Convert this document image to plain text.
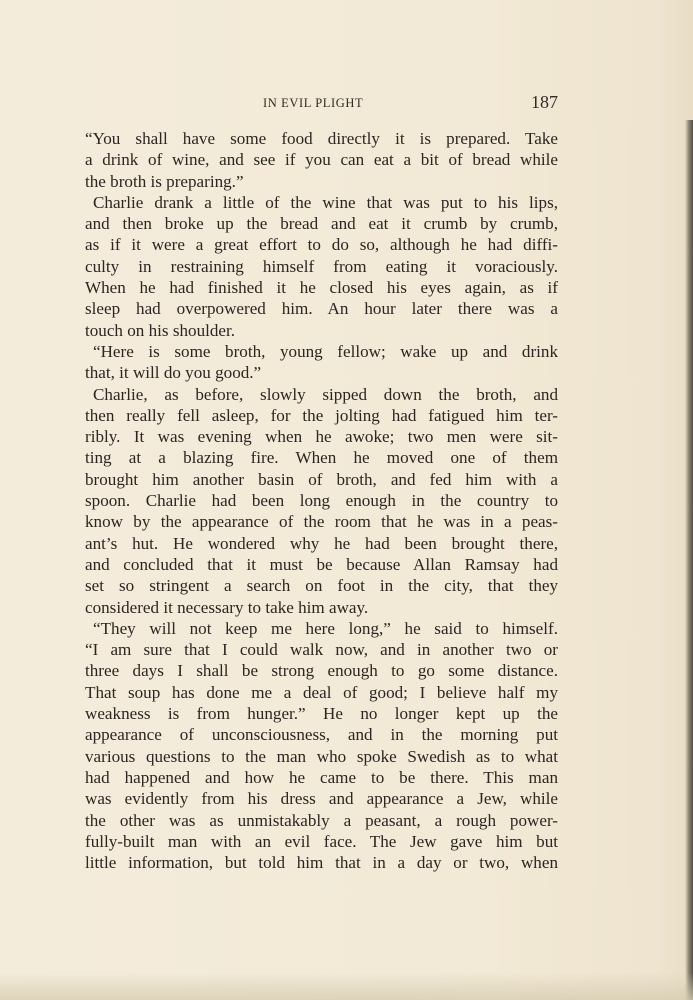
IN EVIL PLIGHT	187
“You shall have some food directly it is prepared. Take
a drink of wine, and see if you can eat a bit of bread while
the broth is preparing.”
Charlie drank a little of the wine that was put to his lips,
and then broke up the bread and eat it crumb by crumb,
as if it were a great effort to do so, although he had diffi-
culty in restraining himself from eating it voraciously.
When he had finished it he closed his eyes again, as if
sleep had overpowered him. An hour later there was a
touch on his shoulder.
“Here is some broth, young fellow; wake up and drink
that, it will do you good.”
Charlie, as before, slowly sipped down the broth, and
then really fell asleep, for the jolting had fatigued him ter-
ribly. It was evening when he awoke; two men were sit-
ting at a blazing fire. When he moved one of them
brought him another basin of broth, and fed him with a
spoon. Charlie had been long enough in the country to
know by the appearance of the room that he was in a peas-
ant’s hut. He wondered why he had been brought there,
and concluded that it must be because Allan Ramsay had
set so stringent a search on foot in the city, that they
considered it necessary to take him away.
“They will not keep me here long,” he said to himself.
“I am sure that I could walk now, and in another two or
three days I shall be strong enough to go some distance.
That soup has done me a deal of good; I believe half my
weakness is from hunger.” He no longer kept up the
appearance of unconsciousness, and in the morning put
various questions to the man who spoke Swedish as to what
had happened and how he came to be there. This man
was evidently from his dress and appearance a Jew, while
the other was as unmistakably a peasant, a rough power-
fully-built man with an evil face. The Jew gave him but
little information, but told him that in a day or two, when
